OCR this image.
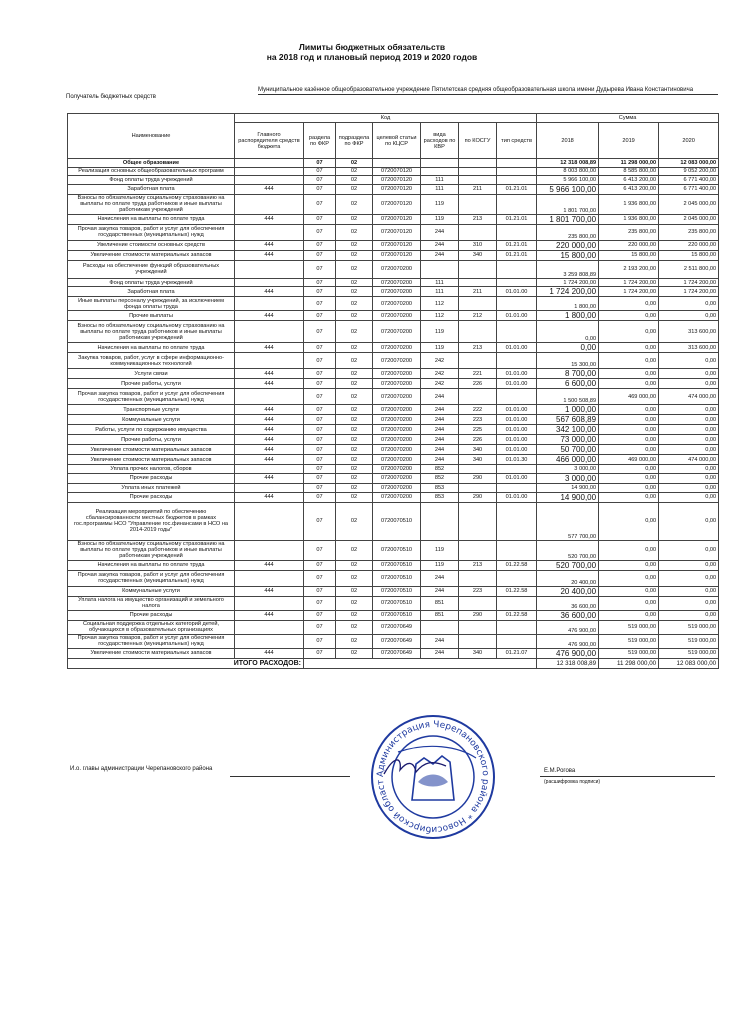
Лимиты бюджетных обязательств
на 2018 год и плановый период 2019 и 2020 годов
Получатель бюджетных средств
Муниципальное казённое общеобразовательное учреждение Пятилетская средняя общеобразовательная школа имени Дудырева Ивана Константиновича
Наименование	Код							Сумма		
	Главного распорядителя средств бюджета	раздела по ФКР	подраздела по ФКР	целевой статьи по КЦСР	вида расходов по КВР	по КОСГУ	тип средств	2018	2019	2020
Общее образование		07	02					12 318 008,89	11 298 000,00	12 083 000,00
Реализация основных общеобразовательных программ		07	02	0720070120				8 003 800,00	8 585 800,00	9 052 200,00
Фонд оплаты труда учреждений		07	02	0720070120	111			5 966 100,00	6 413 200,00	6 771 400,00
Заработная плата	444	07	02	0720070120	111	211	01.21.01	5 966 100,00	6 413 200,00	6 771 400,00
Взносы по обязательному социальному страхованию на выплаты по оплате труда работников и иные выплаты работникам учреждений		07	02	0720070120	119			1 801 700,00	1 936 800,00	2 045 000,00
Начисления на выплаты по оплате труда	444	07	02	0720070120	119	213	01.21.01	1 801 700,00	1 936 800,00	2 045 000,00
Прочая закупка товаров, работ и услуг для обеспечения государственных (муниципальных) нужд		07	02	0720070120	244			235 800,00	235 800,00	235 800,00
Увеличение стоимости основных средств	444	07	02	0720070120	244	310	01.21.01	220 000,00	220 000,00	220 000,00
Увеличение стоимости материальных запасов	444	07	02	0720070120	244	340	01.21.01	15 800,00	15 800,00	15 800,00
Расходы на обеспечение функций образовательных учреждений		07	02	0720070200				3 259 808,89	2 193 200,00	2 511 800,00
Фонд оплаты труда учреждений		07	02	0720070200	111			1 724 200,00	1 724 200,00	1 724 200,00
Заработная плата	444	07	02	0720070200	111	211	01.01.00	1 724 200,00	1 724 200,00	1 724 200,00
Иные выплаты персоналу учреждений, за исключением фонда оплаты труда		07	02	0720070200	112			1 800,00	0,00	0,00
Прочие выплаты	444	07	02	0720070200	112	212	01.01.00	1 800,00	0,00	0,00
Взносы по обязательному социальному страхованию на выплаты по оплате труда работников и иные выплаты работникам учреждений		07	02	0720070200	119			0,00	0,00	313 600,00
Начисления на выплаты по оплате труда	444	07	02	0720070200	119	213	01.01.00	0,00	0,00	313 600,00
Закупка товаров, работ, услуг в сфере информационно-коммуникационных технологий		07	02	0720070200	242			15 300,00	0,00	0,00
Услуги связи	444	07	02	0720070200	242	221	01.01.00	8 700,00	0,00	0,00
Прочие работы, услуги	444	07	02	0720070200	242	226	01.01.00	6 600,00	0,00	0,00
Прочая закупка товаров, работ и услуг для обеспечения государственных (муниципальных) нужд		07	02	0720070200	244			1 500 508,89	469 000,00	474 000,00
Транспортные услуги	444	07	02	0720070200	244	222	01.01.00	1 000,00	0,00	0,00
Коммунальные услуги	444	07	02	0720070200	244	223	01.01.00	567 608,89	0,00	0,00
Работы, услуги по содержанию имущества	444	07	02	0720070200	244	225	01.01.00	342 100,00	0,00	0,00
Прочие работы, услуги	444	07	02	0720070200	244	226	01.01.00	73 000,00	0,00	0,00
Увеличение стоимости материальных запасов	444	07	02	0720070200	244	340	01.01.00	50 700,00	0,00	0,00
Увеличение стоимости материальных запасов	444	07	02	0720070200	244	340	01.01.30	466 000,00	469 000,00	474 000,00
Уплата прочих налогов, сборов		07	02	0720070200	852			3 000,00	0,00	0,00
Прочие расходы	444	07	02	0720070200	852	290	01.01.00	3 000,00	0,00	0,00
Уплата иных платежей		07	02	0720070200	853			14 900,00	0,00	0,00
Прочие расходы	444	07	02	0720070200	853	290	01.01.00	14 900,00	0,00	0,00
Реализация мероприятий по обеспечению сбалансированности местных бюджетов в рамках гос.программы НСО "Управление гос.финансами в НСО на 2014-2019 годы"		07	02	0720070510				577 700,00	0,00	0,00
Взносы по обязательному социальному страхованию на выплаты по оплате труда работников и иные выплаты работникам учреждений		07	02	0720070510	119			520 700,00	0,00	0,00
Начисления на выплаты по оплате труда	444	07	02	0720070510	119	213	01.22.58	520 700,00	0,00	0,00
Прочая закупка товаров, работ и услуг для обеспечения государственных (муниципальных) нужд		07	02	0720070510	244			20 400,00	0,00	0,00
Коммунальные услуги	444	07	02	0720070510	244	223	01.22.58	20 400,00	0,00	0,00
Уплата налога на имущество организаций и земельного налога		07	02	0720070510	851			36 600,00	0,00	0,00
Прочие расходы	444	07	02	0720070510	851	290	01.22.58	36 600,00	0,00	0,00
Социальная поддержка отдельных категорий детей, обучающихся в образовательных организациях		07	02	0720070649				476 900,00	519 000,00	519 000,00
Прочая закупка товаров, работ и услуг для обеспечения государственных (муниципальных) нужд		07	02	0720070649	244			476 900,00	519 000,00	519 000,00
Увеличение стоимости материальных запасов	444	07	02	0720070649	244	340	01.21.07	476 900,00	519 000,00	519 000,00
ИТОГО РАСХОДОВ:								12 318 008,89	11 298 000,00	12 083 000,00
Администрация Черепановского района * Новосибирской област
И.о. главы администрации Черепановского района	Е.М.Рогова
(расшифровка подписи)
